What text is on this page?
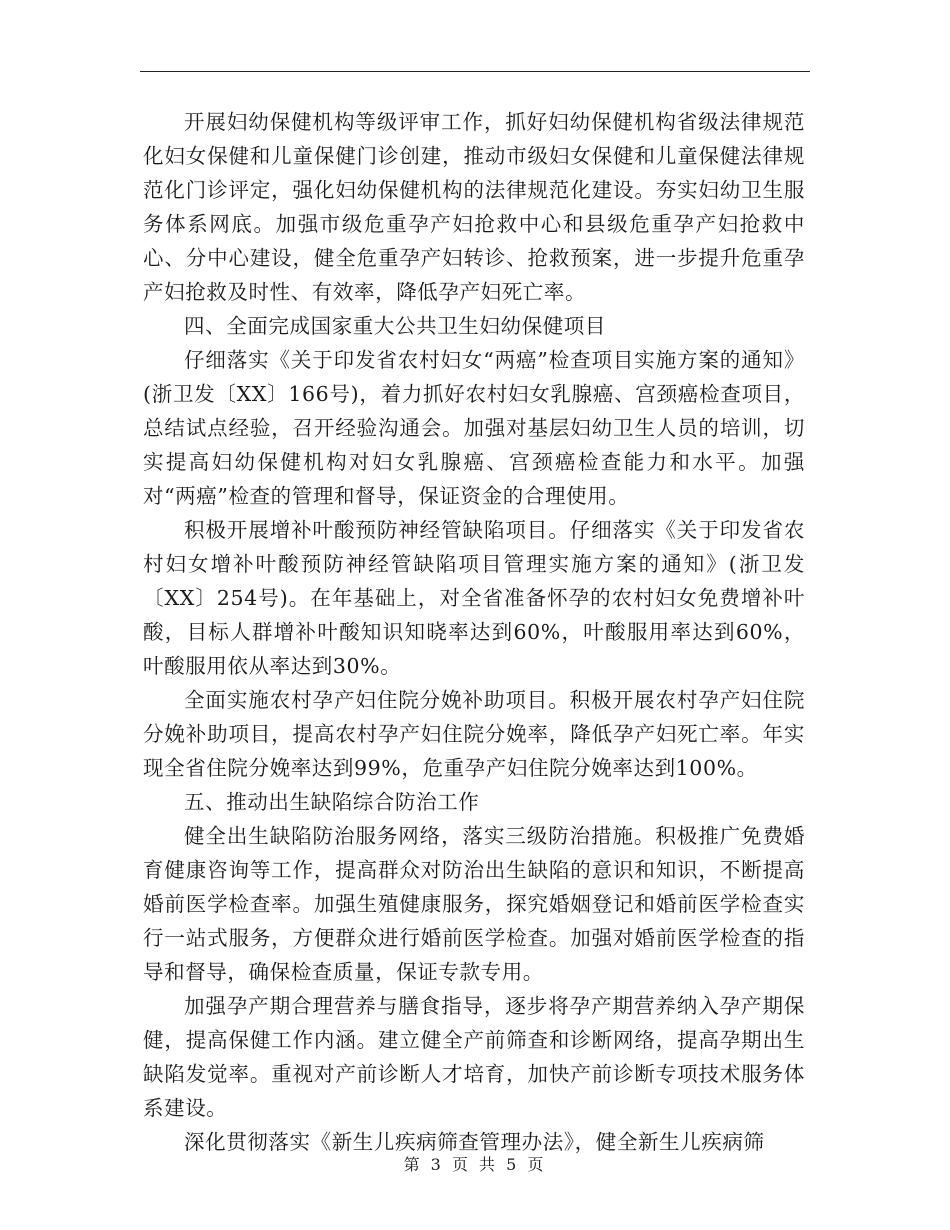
开展妇幼保健机构等级评审工作，抓好妇幼保健机构省级法律规范化妇女保健和儿童保健门诊创建，推动市级妇女保健和儿童保健法律规范化门诊评定，强化妇幼保健机构的法律规范化建设。夯实妇幼卫生服务体系网底。加强市级危重孕产妇抢救中心和县级危重孕产妇抢救中心、分中心建设，健全危重孕产妇转诊、抢救预案，进一步提升危重孕产妇抢救及时性、有效率，降低孕产妇死亡率。

四、全面完成国家重大公共卫生妇幼保健项目

仔细落实《关于印发省农村妇女“两癌”检查项目实施方案的通知》(浙卫发〔XX〕166号)，着力抓好农村妇女乳腺癌、宫颈癌检查项目，总结试点经验，召开经验沟通会。加强对基层妇幼卫生人员的培训，切实提高妇幼保健机构对妇女乳腺癌、宫颈癌检查能力和水平。加强对“两癌”检查的管理和督导，保证资金的合理使用。

积极开展增补叶酸预防神经管缺陷项目。仔细落实《关于印发省农村妇女增补叶酸预防神经管缺陷项目管理实施方案的通知》(浙卫发〔XX〕254号)。在年基础上，对全省准备怀孕的农村妇女免费增补叶酸，目标人群增补叶酸知识知晓率达到60%，叶酸服用率达到60%，叶酸服用依从率达到30%。

全面实施农村孕产妇住院分娩补助项目。积极开展农村孕产妇住院分娩补助项目，提高农村孕产妇住院分娩率，降低孕产妇死亡率。年实现全省住院分娩率达到99%，危重孕产妇住院分娩率达到100%。

五、推动出生缺陷综合防治工作

健全出生缺陷防治服务网络，落实三级防治措施。积极推广免费婚育健康咨询等工作，提高群众对防治出生缺陷的意识和知识，不断提高婚前医学检查率。加强生殖健康服务，探究婚姻登记和婚前医学检查实行一站式服务，方便群众进行婚前医学检查。加强对婚前医学检查的指导和督导，确保检查质量，保证专款专用。

加强孕产期合理营养与膳食指导，逐步将孕产期营养纳入孕产期保健，提高保健工作内涵。建立健全产前筛查和诊断网络，提高孕期出生缺陷发觉率。重视对产前诊断人才培育，加快产前诊断专项技术服务体系建设。

深化贯彻落实《新生儿疾病筛查管理办法》，健全新生儿疾病筛

第 3 页 共 5 页
